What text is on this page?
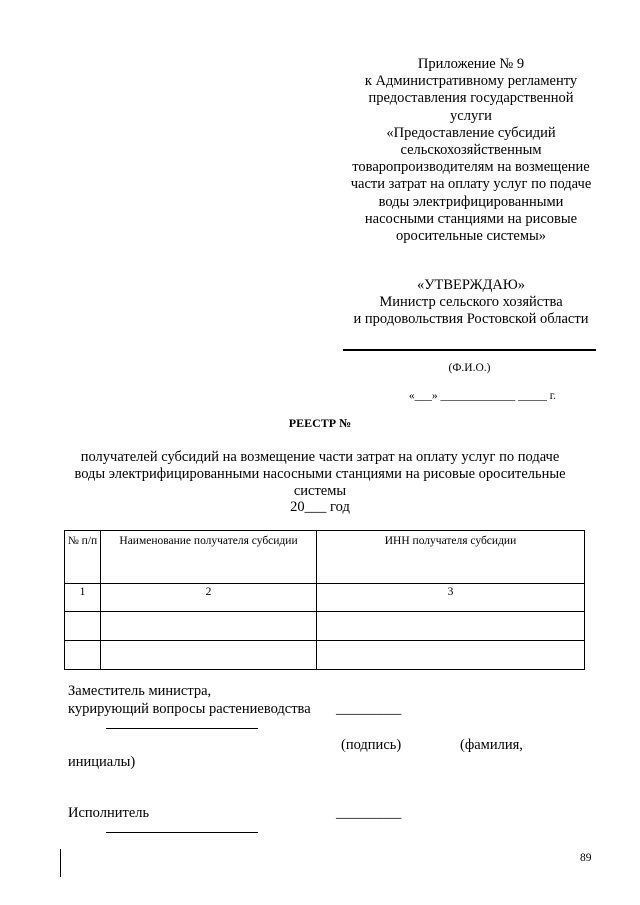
Приложение № 9
к Административному регламенту
предоставления государственной
услуги
«Предоставление субсидий
сельскохозяйственным
товаропроизводителям на возмещение
части затрат на оплату услуг по подаче
воды электрифицированными
насосными станциями на рисовые
оросительные системы»
«УТВЕРЖДАЮ»
Министр сельского хозяйства
и продовольствия Ростовской области
(Ф.И.О.)
«___» _____________ _____ г.
РЕЕСТР №
получателей субсидий на возмещение части затрат на оплату услуг по подаче
воды электрифицированными насосными станциями на рисовые оросительные
системы
20___ год
№ п/п	Наименование получателя субсидии	ИНН получателя субсидии
1	2	3

Заместитель министра,
курирующий вопросы растениеводства _________
(подпись)	(фамилия,
инициалы)
Исполнитель	_________
89
